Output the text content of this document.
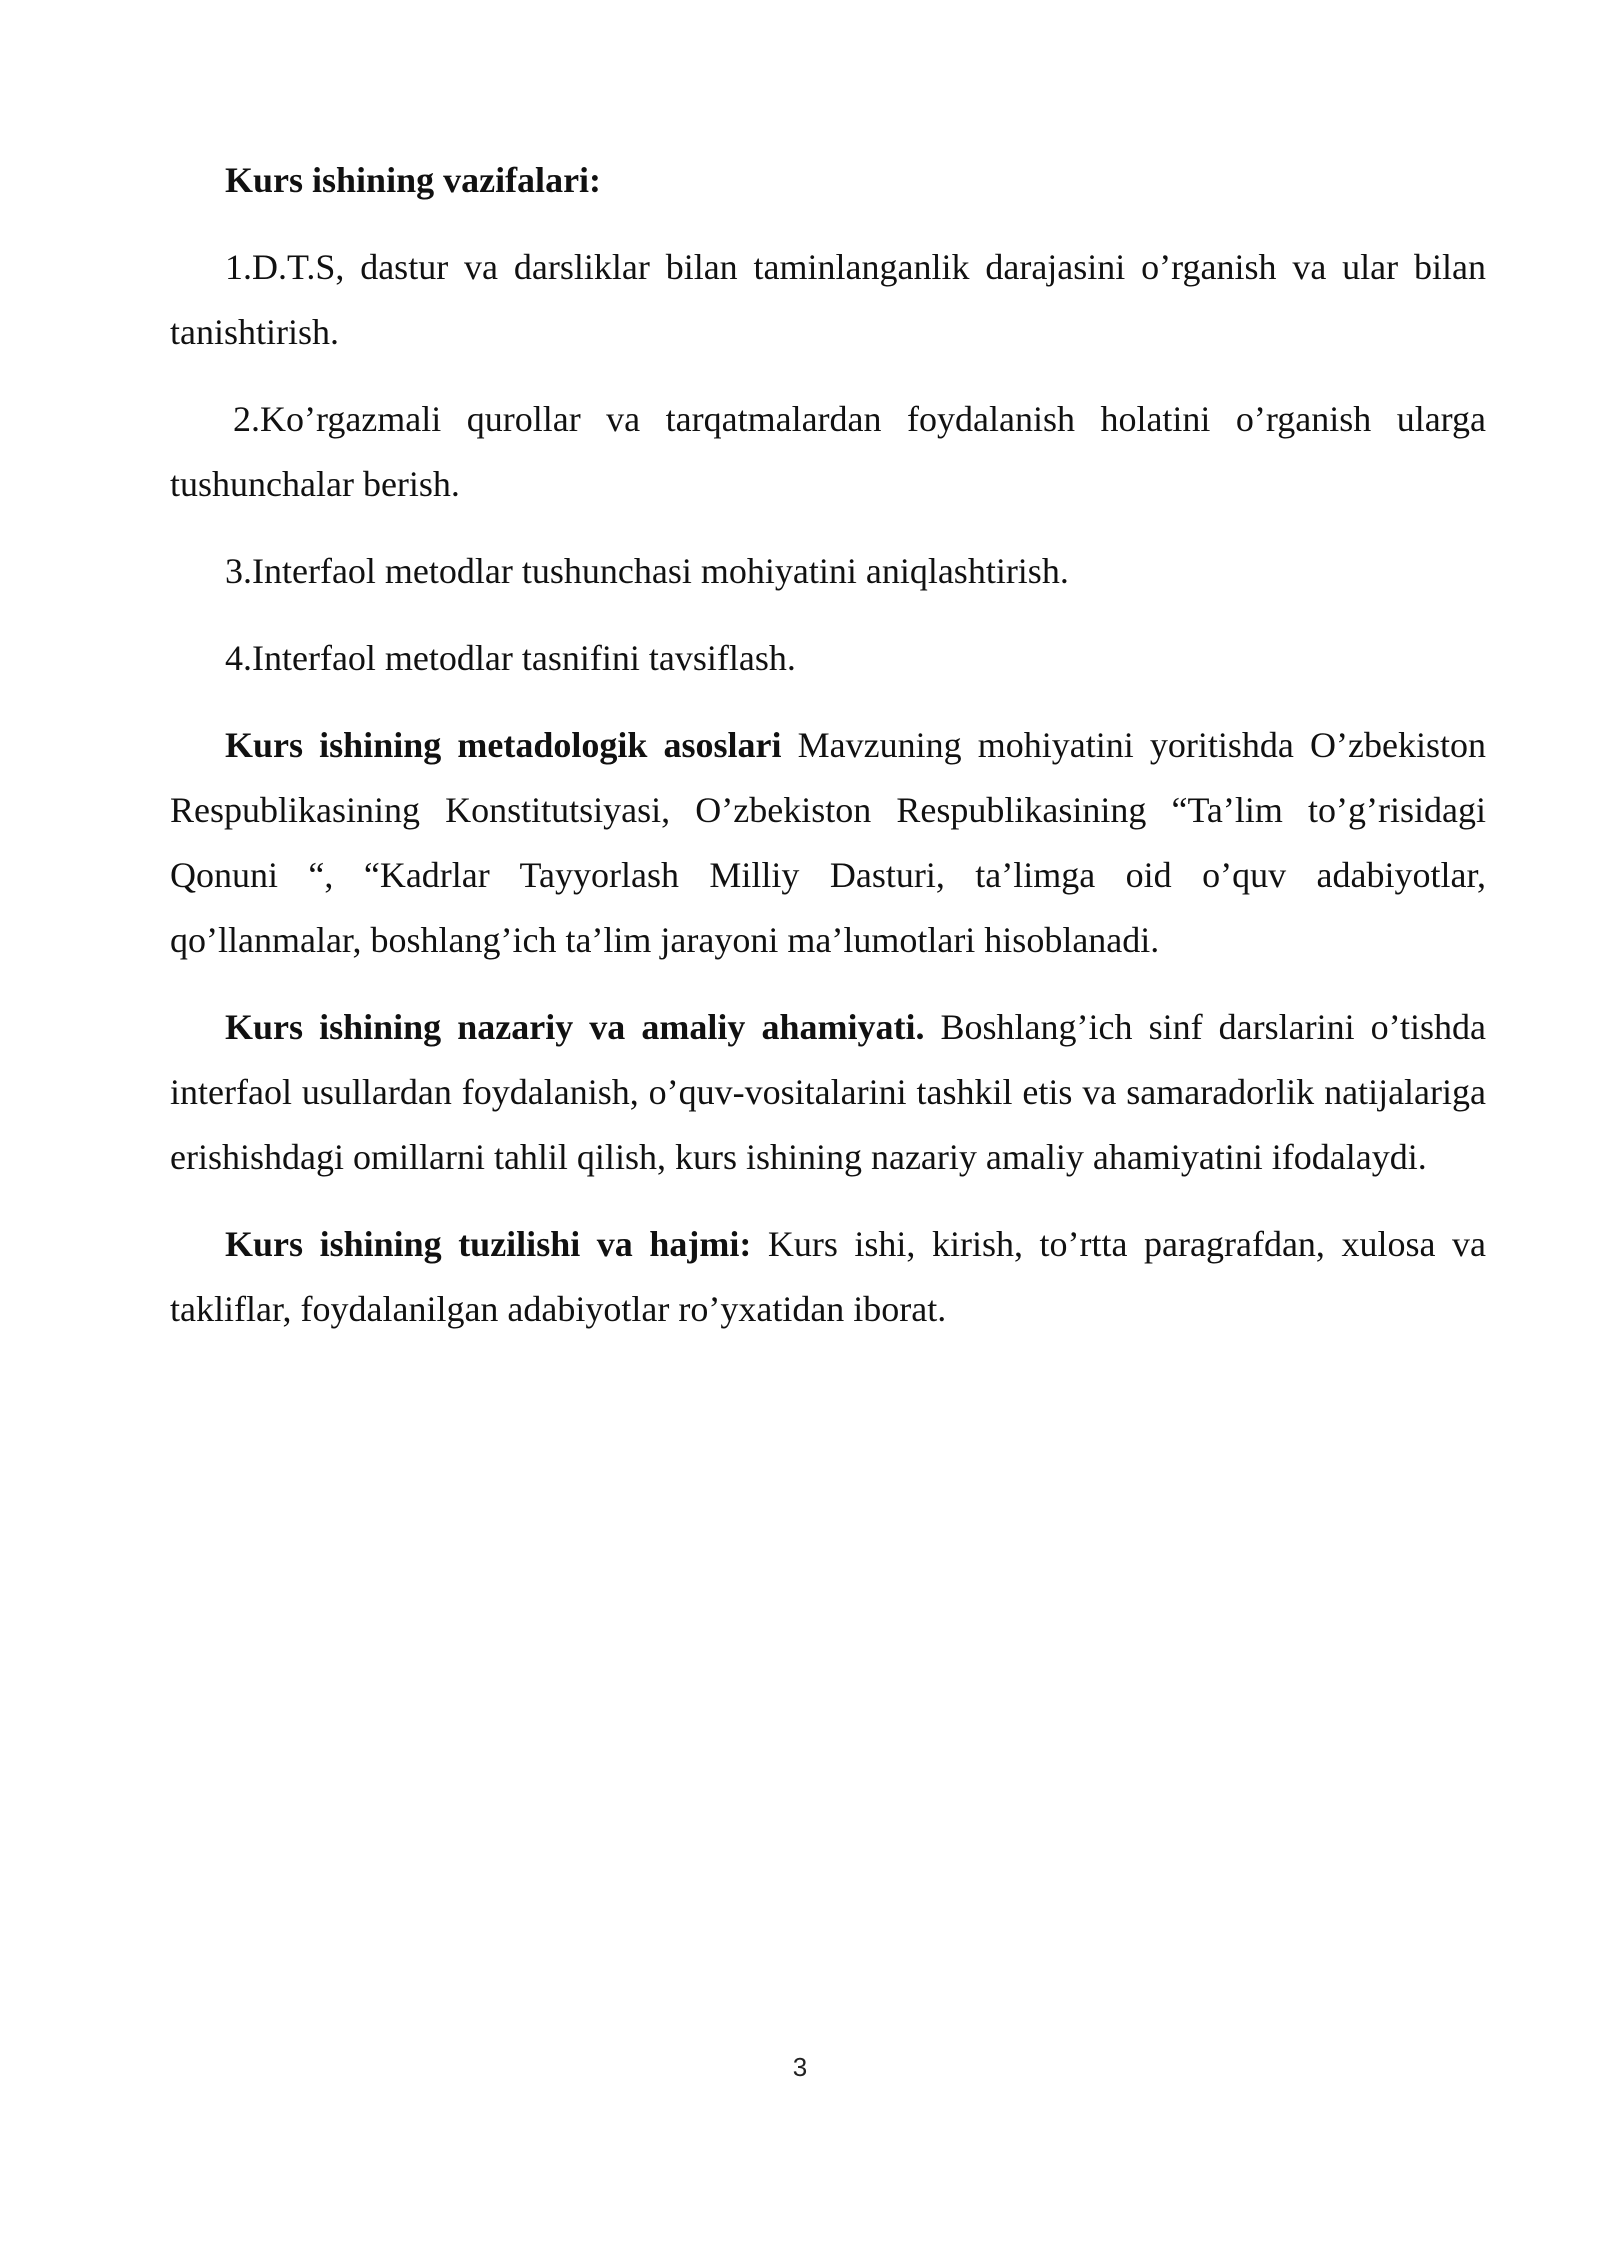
Kurs ishining vazifalari:

1.D.T.S, dastur va darsliklar bilan taminlanganlik darajasini o’rganish va ular bilan tanishtirish.

2.Ko’rgazmali qurollar va tarqatmalardan foydalanish holatini o’rganish ularga tushunchalar berish.

3.Interfaol metodlar tushunchasi mohiyatini aniqlashtirish.

4.Interfaol metodlar tasnifini tavsiflash.

Kurs ishining metadologik asoslari Mavzuning mohiyatini yoritishda O’zbekiston Respublikasining Konstitutsiyasi, O’zbekiston Respublikasining “Ta’lim to’g’risidagi Qonuni “, “Kadrlar Tayyorlash Milliy Dasturi, ta’limga oid o’quv adabiyotlar, qo’llanmalar, boshlang’ich ta’lim jarayoni ma’lumotlari hisoblanadi.

Kurs ishining nazariy va amaliy ahamiyati. Boshlang’ich sinf darslarini o’tishda interfaol usullardan foydalanish, o’quv-vositalarini tashkil etis va samaradorlik natijalariga erishishdagi omillarni tahlil qilish, kurs ishining nazariy amaliy ahamiyatini ifodalaydi.

Kurs ishining tuzilishi va hajmi: Kurs ishi, kirish, to’rtta paragrafdan, xulosa va takliflar, foydalanilgan adabiyotlar ro’yxatidan iborat.

3
